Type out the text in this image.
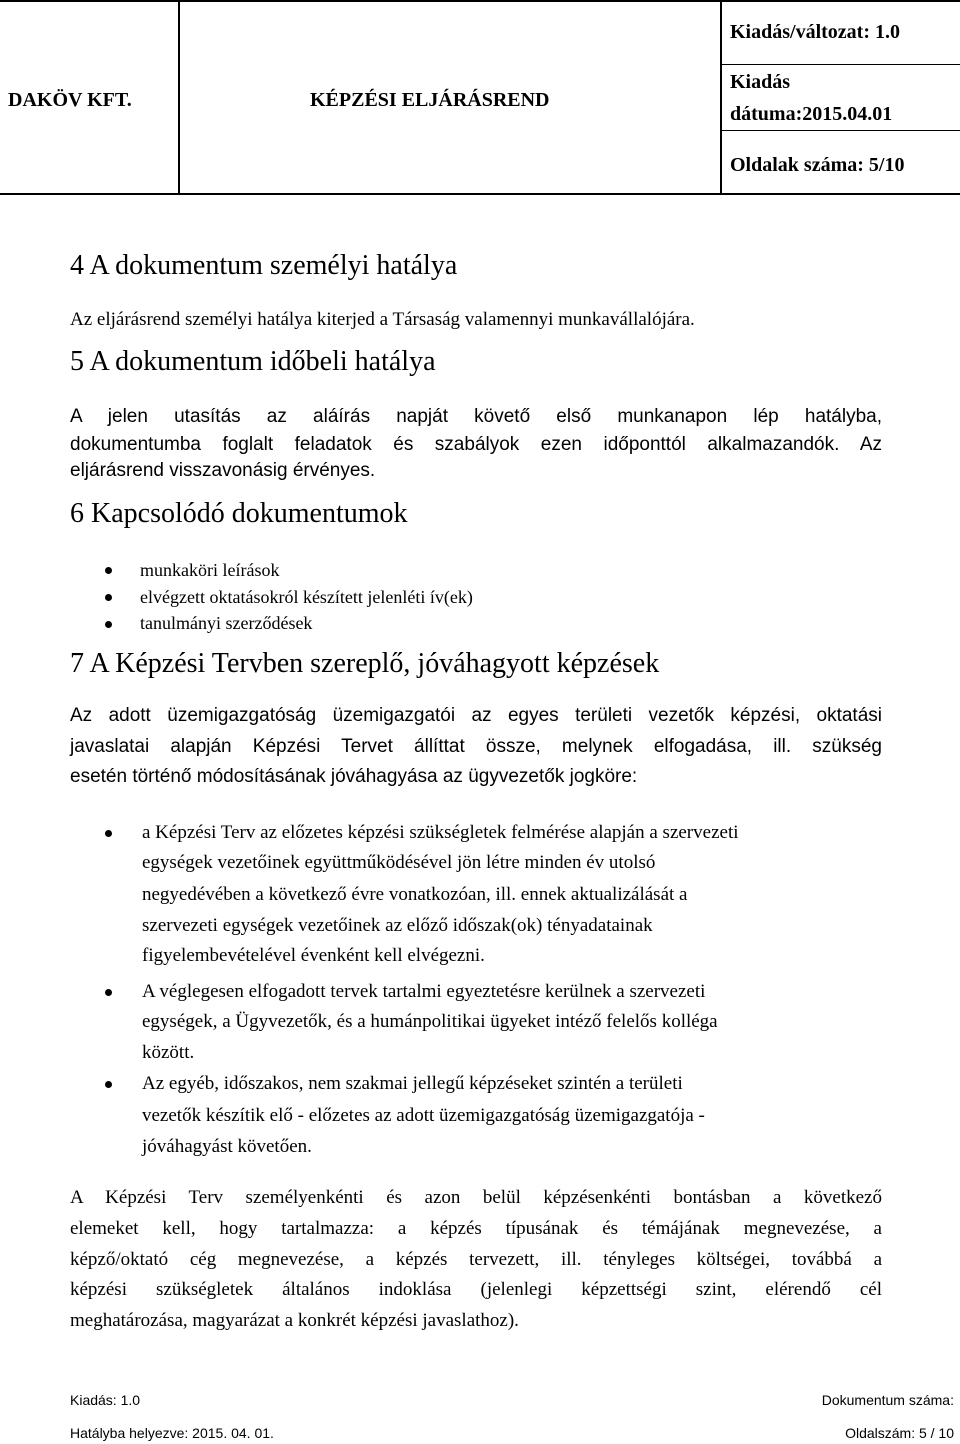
DAKÖV KFT.	KÉPZÉSI ELJÁRÁSREND
Kiadás/változat: 1.0
Kiadás
dátuma:2015.04.01
Oldalak száma: 5/10
4 A dokumentum személyi hatálya
Az eljárásrend személyi hatálya kiterjed a Társaság valamennyi munkavállalójára.
5 A dokumentum időbeli hatálya
A jelen utasítás az aláírás napját követő első munkanapon lép hatályba,
dokumentumba foglalt feladatok és szabályok ezen időponttól alkalmazandók. Az
eljárásrend visszavonásig érvényes.
6 Kapcsolódó dokumentumok
munkaköri leírások
elvégzett oktatásokról készített jelenléti ív(ek)
tanulmányi szerződések
7 A Képzési Tervben szereplő, jóváhagyott képzések
Az adott üzemigazgatóság üzemigazgatói az egyes területi vezetők képzési, oktatási
javaslatai alapján Képzési Tervet állíttat össze, melynek elfogadása, ill. szükség
esetén történő módosításának jóváhagyása az ügyvezetők jogköre:
a Képzési Terv az előzetes képzési szükségletek felmérése alapján a szervezeti
egységek vezetőinek együttműködésével jön létre minden év utolsó
negyedévében a következő évre vonatkozóan, ill. ennek aktualizálását a
szervezeti egységek vezetőinek az előző időszak(ok) tényadatainak
figyelembevételével évenként kell elvégezni.
A véglegesen elfogadott tervek tartalmi egyeztetésre kerülnek a szervezeti
egységek, a Ügyvezetők, és a humánpolitikai ügyeket intéző felelős kolléga
között.
Az egyéb, időszakos, nem szakmai jellegű képzéseket szintén a területi
vezetők készítik elő - előzetes az adott üzemigazgatóság üzemigazgatója -
jóváhagyást követően.
A Képzési Terv személyenkénti és azon belül képzésenkénti bontásban a következő
elemeket kell, hogy tartalmazza: a képzés típusának és témájának megnevezése, a
képző/oktató cég megnevezése, a képzés tervezett, ill. tényleges költségei, továbbá a
képzési szükségletek általános indoklása (jelenlegi képzettségi szint, elérendő cél
meghatározása, magyarázat a konkrét képzési javaslathoz).
Kiadás: 1.0	Dokumentum száma:
Hatályba helyezve: 2015. 04. 01.	Oldalszám: 5 / 10
